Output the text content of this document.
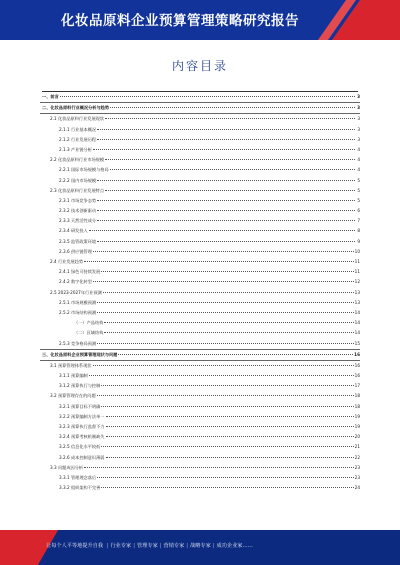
化妆品原料企业预算管理策略研究报告
内容目录
一、前言	3
二、化妆品原料行业概况分析与趋势	3
2.1 化妆品原料行业发展现状	3
2.1.1 行业基本概况	3
2.1.2 行业发展历程	3
2.1.3 产业链分析	4
2.2 化妆品原料行业市场规模	4
2.2.1 国际市场规模与格局	4
2.2.2 国内市场规模	5
2.3 化妆品原料行业发展特点	5
2.3.1 市场竞争态势	5
2.3.2 技术创新驱动	6
2.3.3 天然活性成分	7
2.3.4 研发投入	8
2.3.5 监管政策环境	9
2.3.6 供应链管理	10
2.4 行业发展趋势	11
2.4.1 绿色可持续发展	11
2.4.2 数字化转型	12
2.5 2023-2027年行业预测	13
2.5.1 市场规模预测	13
2.5.2 市场结构预测	14
（一）产品结构	14
（二）区域结构	14
2.5.3 竞争格局预测	15
三、化妆品原料企业预算管理现状与问题	16
3.1 预算管理体系现状	16
3.1.1 预算编制	16
3.1.2 预算执行与控制	17
3.2 预算管理存在的问题	18
3.2.1 预算目标不明确	18
3.2.2 预算编制方法单一	19
3.2.3 预算执行监督不力	19
3.2.4 预算考核机制缺失	20
3.2.5 信息化水平较低	21
3.2.6 成本控制意识薄弱	22
3.3 问题成因分析	23
3.3.1 管理理念落后	23
3.3.2 组织架构不完善	24
让每个人平等地提升自我 | 行业专家 | 管理专家 | 营销专家 | 战略专家 | 成功企业家……
